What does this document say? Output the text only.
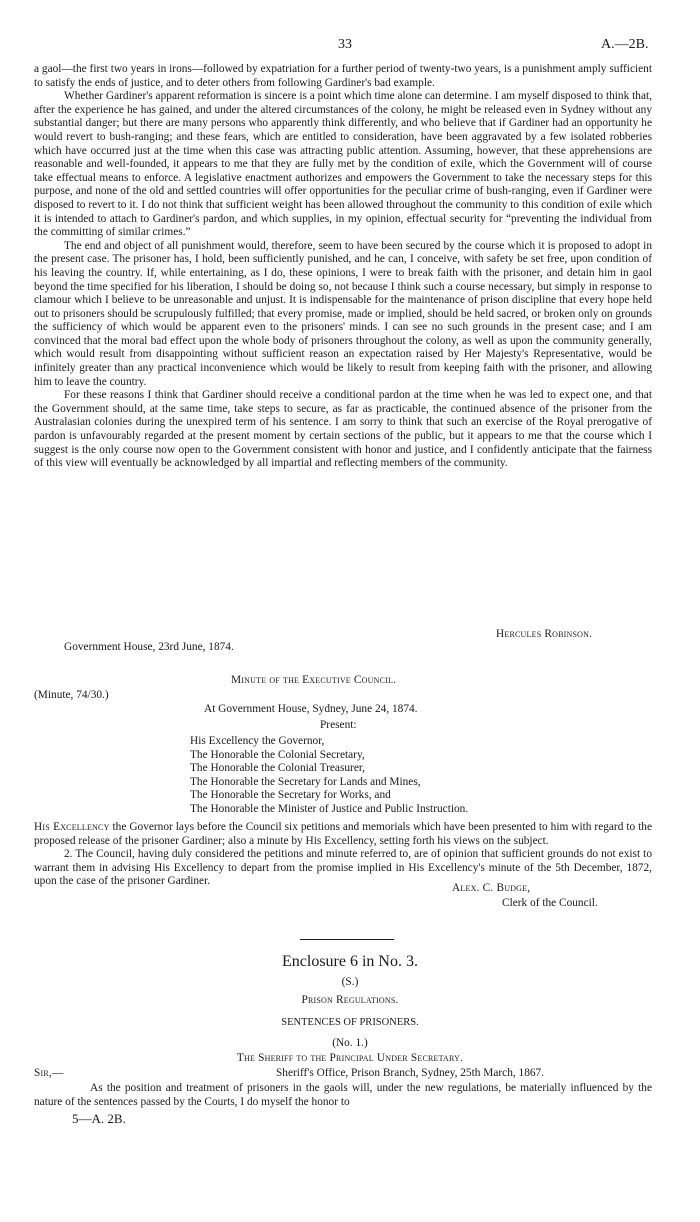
33	A.—2B.

a gaol—the first two years in irons—followed by expatriation for a further period of twenty-two years, is a punishment amply sufficient to satisfy the ends of justice, and to deter others from following Gardiner's bad example.

Whether Gardiner's apparent reformation is sincere is a point which time alone can determine. I am myself disposed to think that, after the experience he has gained, and under the altered circumstances of the colony, he might be released even in Sydney without any substantial danger; but there are many persons who apparently think differently, and who believe that if Gardiner had an opportunity he would revert to bush-ranging; and these fears, which are entitled to consideration, have been aggravated by a few isolated robberies which have occurred just at the time when this case was attracting public attention. Assuming, however, that these apprehensions are reasonable and well-founded, it appears to me that they are fully met by the condition of exile, which the Government will of course take effectual means to enforce. A legislative enactment authorizes and empowers the Government to take the necessary steps for this purpose, and none of the old and settled countries will offer opportunities for the peculiar crime of bush-ranging, even if Gardiner were disposed to revert to it. I do not think that sufficient weight has been allowed throughout the community to this condition of exile which it is intended to attach to Gardiner's pardon, and which supplies, in my opinion, effectual security for “preventing the individual from the committing of similar crimes.”

The end and object of all punishment would, therefore, seem to have been secured by the course which it is proposed to adopt in the present case. The prisoner has, I hold, been sufficiently punished, and he can, I conceive, with safety be set free, upon condition of his leaving the country. If, while entertaining, as I do, these opinions, I were to break faith with the prisoner, and detain him in gaol beyond the time specified for his liberation, I should be doing so, not because I think such a course necessary, but simply in response to clamour which I believe to be unreasonable and unjust. It is indispensable for the maintenance of prison discipline that every hope held out to prisoners should be scrupulously fulfilled; that every promise, made or implied, should be held sacred, or broken only on grounds the sufficiency of which would be apparent even to the prisoners' minds. I can see no such grounds in the present case; and I am convinced that the moral bad effect upon the whole body of prisoners throughout the colony, as well as upon the community generally, which would result from disappointing without sufficient reason an expectation raised by Her Majesty's Representative, would be infinitely greater than any practical inconvenience which would be likely to result from keeping faith with the prisoner, and allowing him to leave the country.

For these reasons I think that Gardiner should receive a conditional pardon at the time when he was led to expect one, and that the Government should, at the same time, take steps to secure, as far as practicable, the continued absence of the prisoner from the Australasian colonies during the unexpired term of his sentence. I am sorry to think that such an exercise of the Royal prerogative of pardon is unfavourably regarded at the present moment by certain sections of the public, but it appears to me that the course which I suggest is the only course now open to the Government consistent with honor and justice, and I confidently anticipate that the fairness of this view will eventually be acknowledged by all impartial and reflecting members of the community.

Hercules Robinson.
Government House, 23rd June, 1874.
Minute of the Executive Council.
(Minute, 74/30.)
At Government House, Sydney, June 24, 1874.
Present:
His Excellency the Governor,
The Honorable the Colonial Secretary,
The Honorable the Colonial Treasurer,
The Honorable the Secretary for Lands and Mines,
The Honorable the Secretary for Works, and
The Honorable the Minister of Justice and Public Instruction.

His Excellency the Governor lays before the Council six petitions and memorials which have been presented to him with regard to the proposed release of the prisoner Gardiner; also a minute by His Excellency, setting forth his views on the subject.

2. The Council, having duly considered the petitions and minute referred to, are of opinion that sufficient grounds do not exist to warrant them in advising His Excellency to depart from the promise implied in His Excellency's minute of the 5th December, 1872, upon the case of the prisoner Gardiner.

Alex. C. Budge,
Clerk of the Council.
Enclosure 6 in No. 3.
(S.)
Prison Regulations.
SENTENCES OF PRISONERS.
(No. 1.)
The Sheriff to the Principal Under Secretary.
Sir,—	Sheriff's Office, Prison Branch, Sydney, 25th March, 1867.

As the position and treatment of prisoners in the gaols will, under the new regulations, be materially influenced by the nature of the sentences passed by the Courts, I do myself the honor to

5—A. 2B.
